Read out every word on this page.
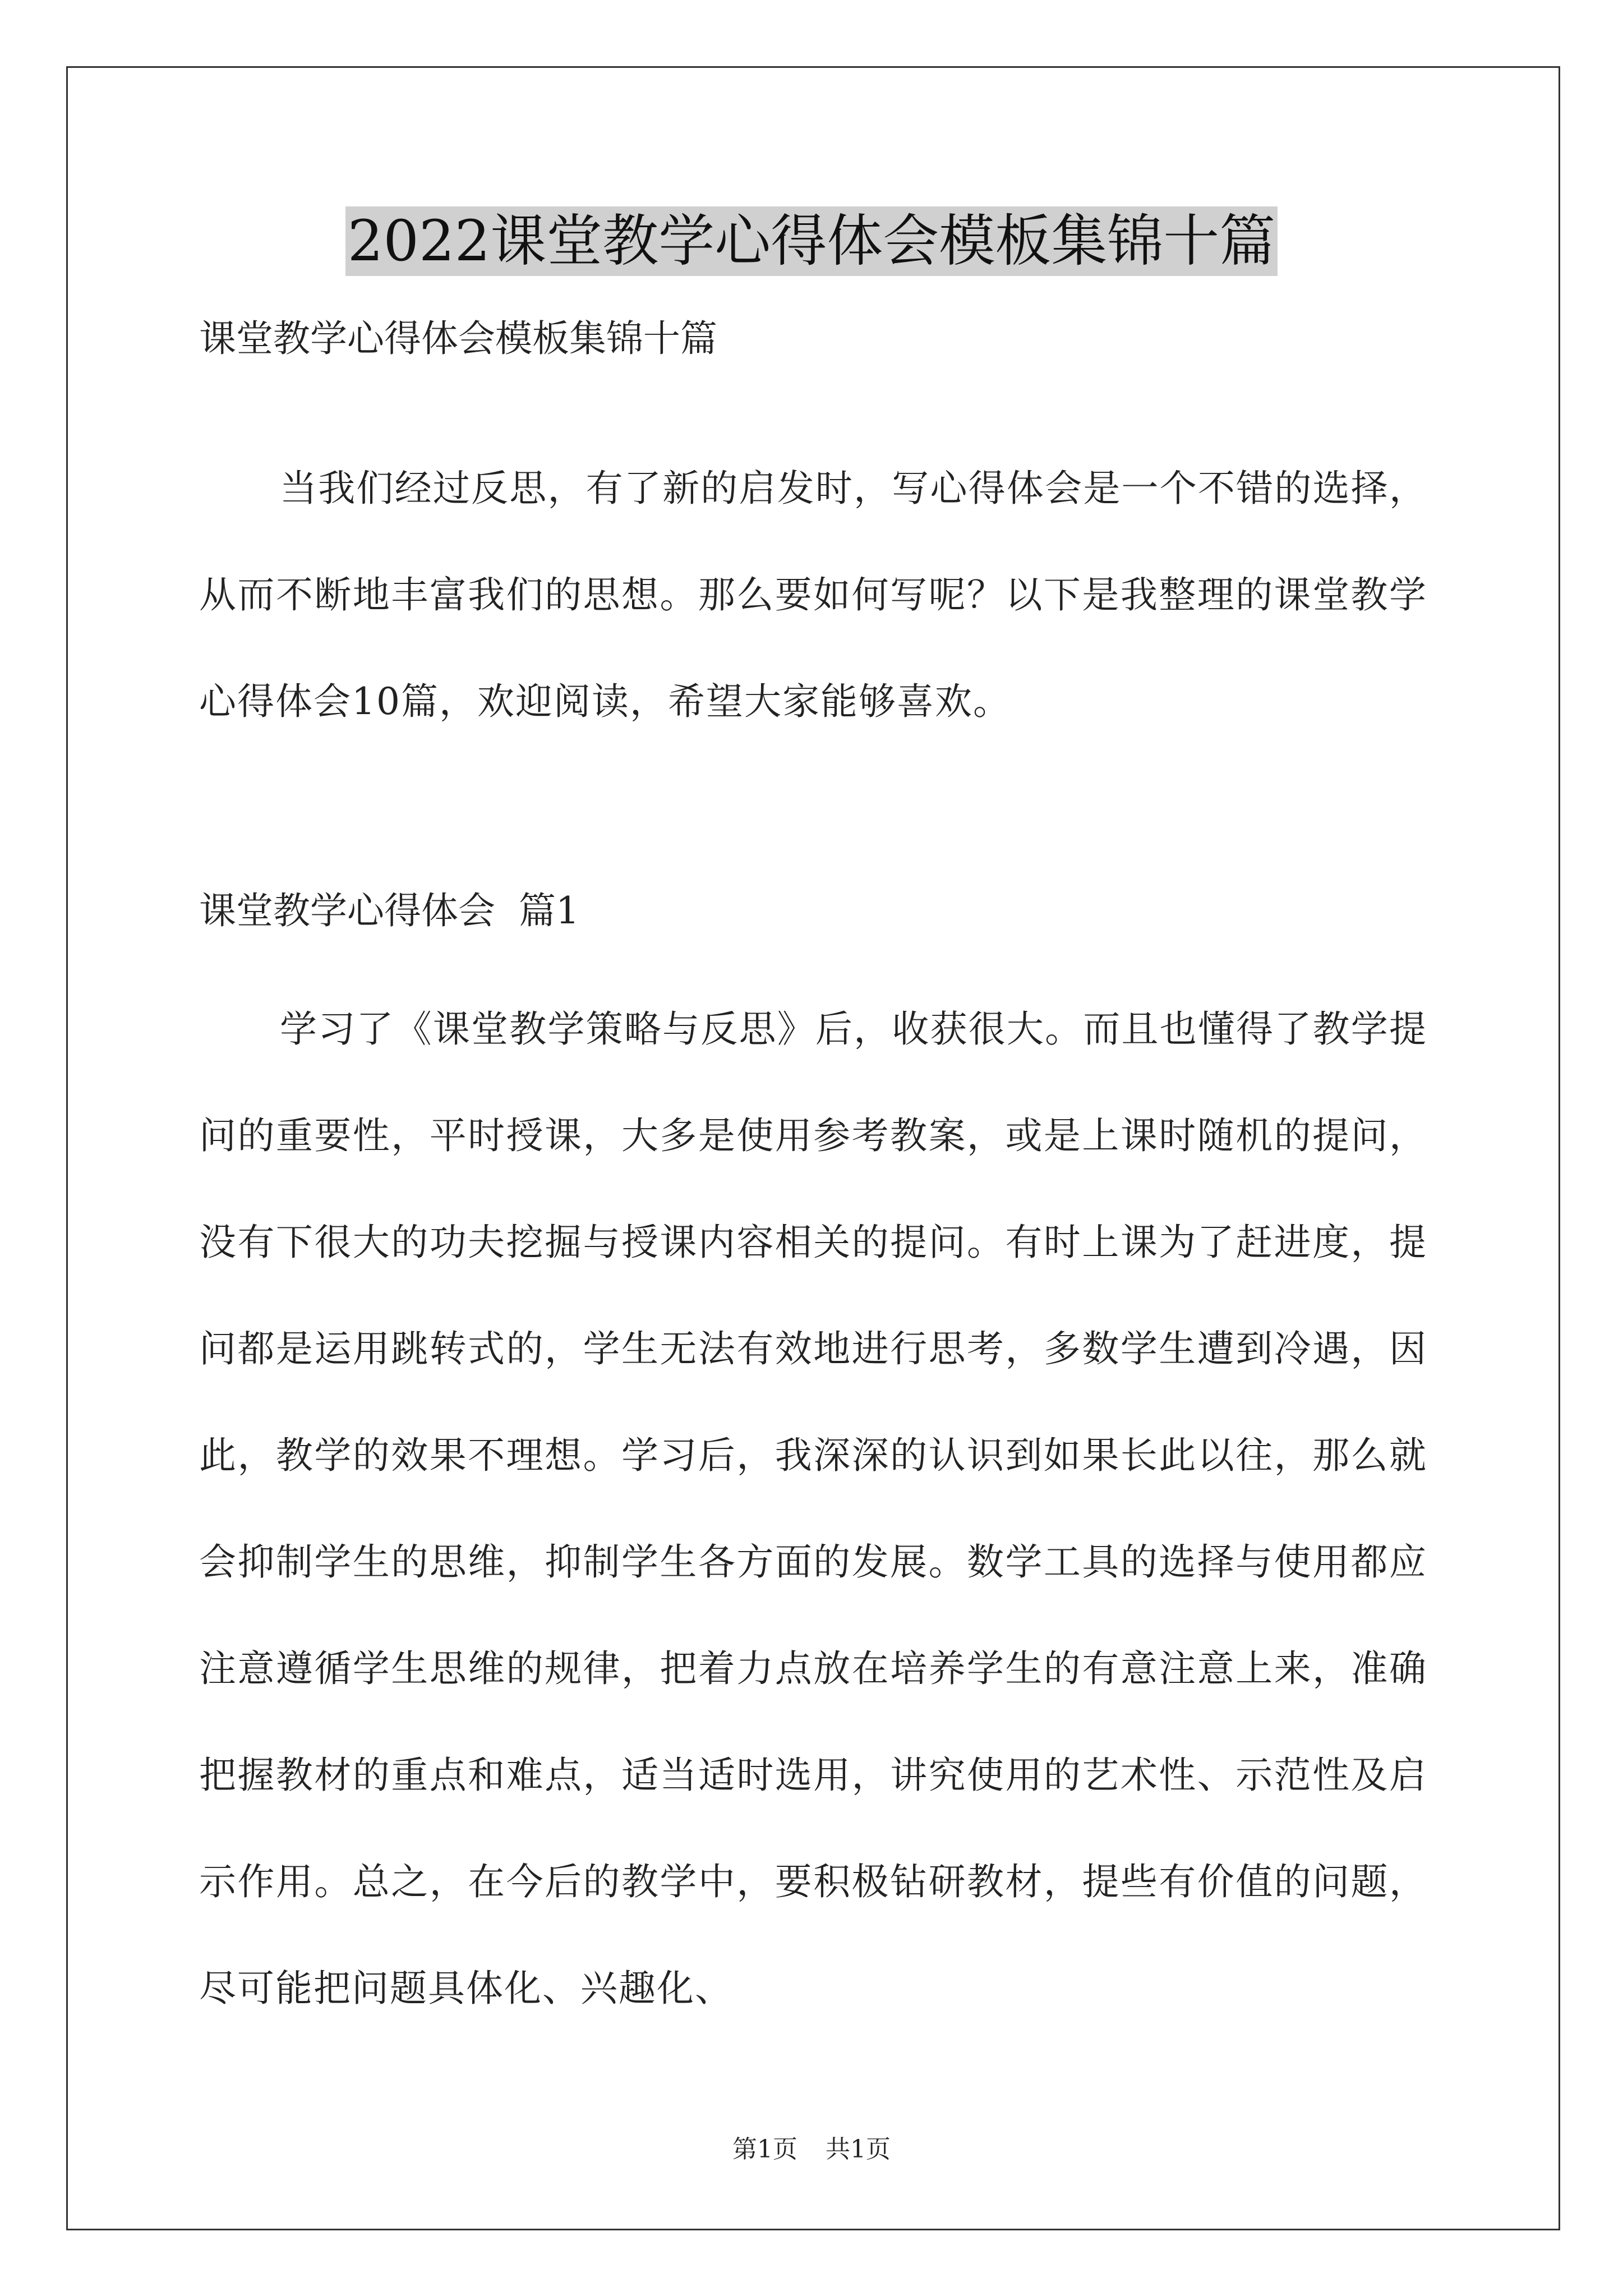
2022课堂教学心得体会模板集锦十篇

课堂教学心得体会模板集锦十篇

当我们经过反思，有了新的启发时，写心得体会是一个不错的选择，从而不断地丰富我们的思想。那么要如何写呢？以下是我整理的课堂教学心得体会10篇，欢迎阅读，希望大家能够喜欢。

课堂教学心得体会  篇1

学习了《课堂教学策略与反思》后，收获很大。而且也懂得了教学提问的重要性，平时授课，大多是使用参考教案，或是上课时随机的提问，没有下很大的功夫挖掘与授课内容相关的提问。有时上课为了赶进度，提问都是运用跳转式的，学生无法有效地进行思考，多数学生遭到冷遇，因此，教学的效果不理想。学习后，我深深的认识到如果长此以往，那么就会抑制学生的思维，抑制学生各方面的发展。数学工具的选择与使用都应注意遵循学生思维的规律，把着力点放在培养学生的有意注意上来，准确把握教材的重点和难点，适当适时选用，讲究使用的艺术性、示范性及启示作用。总之，在今后的教学中，要积极钻研教材，提些有价值的问题，尽可能把问题具体化、兴趣化、

第1页 共1页
